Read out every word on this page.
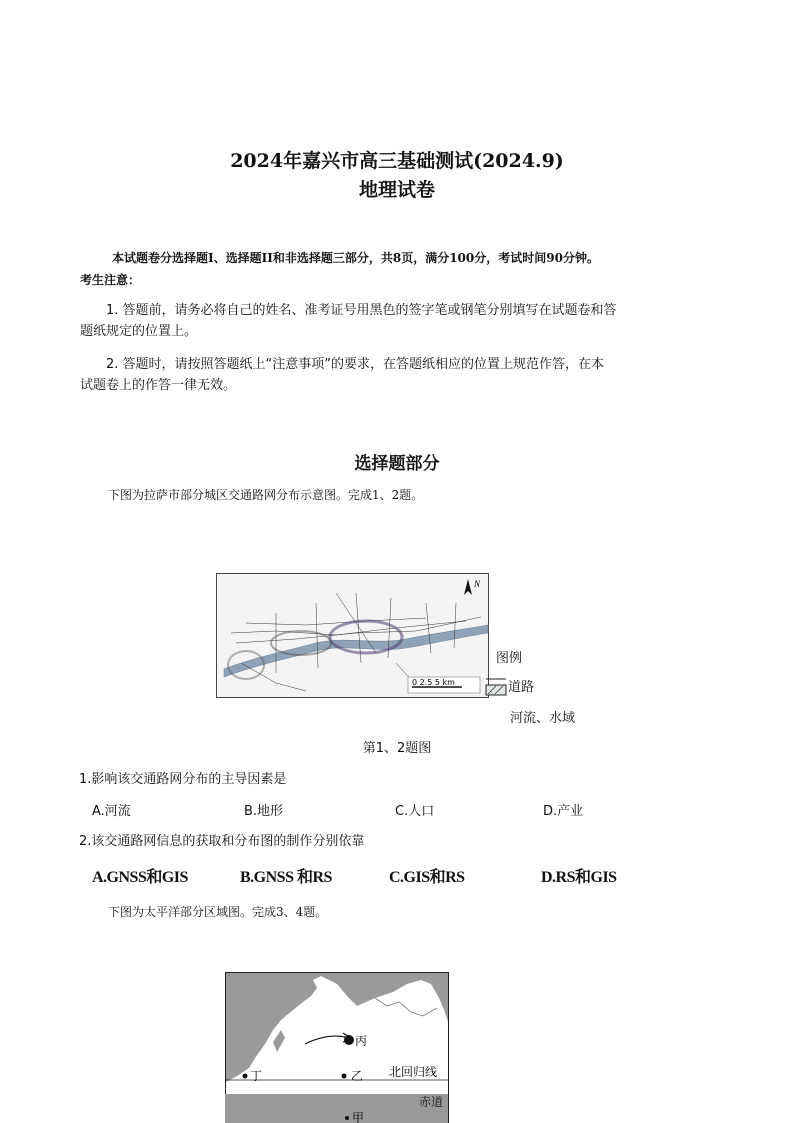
2024年嘉兴市高三基础测试(2024.9)
地理试卷
本试题卷分选择题I、选择题II和非选择题三部分，共8页，满分100分，考试时间90分钟。
考生注意：
1. 答题前，请务必将自己的姓名、准考证号用黑色的签字笔或钢笔分别填写在试题卷和答
题纸规定的位置上。
2. 答题时，请按照答题纸上“注意事项”的要求，在答题纸相应的位置上规范作答，在本
试题卷上的作答一律无效。
选择题部分
下图为拉萨市部分城区交通路网分布示意图。完成1、2题。
N
0 2.5 5 km
图例
道路
河流、水域
第1、2题图
1.影响该交通路网分布的主导因素是
A.河流	B.地形	C.人口	D.产业
2.该交通路网信息的获取和分布图的制作分别依靠
A.GNSS和GIS	B.GNSS 和RS	C.GIS和RS	D.RS和GIS
下图为太平洋部分区域图。完成3、4题。
丙
乙
丁	北回归线
赤道
甲
